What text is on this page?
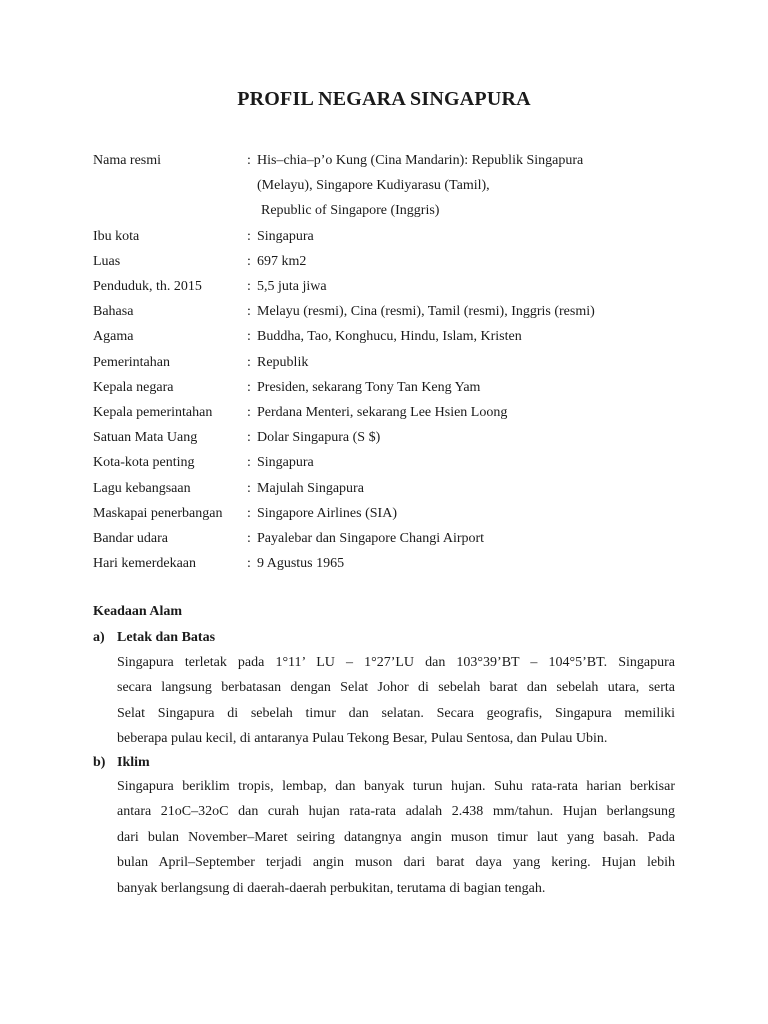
PROFIL NEGARA SINGAPURA
Nama resmi	: His–chia–p’o Kung (Cina Mandarin): Republik Singapura
(Melayu), Singapore Kudiyarasu (Tamil),
Republic of Singapore (Inggris)
Ibu kota	: Singapura
Luas	: 697 km2
Penduduk, th. 2015	: 5,5 juta jiwa
Bahasa	: Melayu (resmi), Cina (resmi), Tamil (resmi), Inggris (resmi)
Agama	: Buddha, Tao, Konghucu, Hindu, Islam, Kristen
Pemerintahan	: Republik
Kepala negara	: Presiden, sekarang Tony Tan Keng Yam
Kepala pemerintahan	: Perdana Menteri, sekarang Lee Hsien Loong
Satuan Mata Uang	: Dolar Singapura (S $)
Kota-kota penting	: Singapura
Lagu kebangsaan	: Majulah Singapura
Maskapai penerbangan	: Singapore Airlines (SIA)
Bandar udara	: Payalebar dan Singapore Changi Airport
Hari kemerdekaan	: 9 Agustus 1965
Keadaan Alam
a) Letak dan Batas

Singapura terletak pada 1°11’ LU – 1°27’LU dan 103°39’BT – 104°5’BT. Singapura
secara langsung berbatasan dengan Selat Johor di sebelah barat dan sebelah utara, serta
Selat Singapura di sebelah timur dan selatan. Secara geografis, Singapura memiliki
beberapa pulau kecil, di antaranya Pulau Tekong Besar, Pulau Sentosa, dan Pulau Ubin.

b) Iklim

Singapura beriklim tropis, lembap, dan banyak turun hujan. Suhu rata-rata harian berkisar
antara 21oC–32oC dan curah hujan rata-rata adalah 2.438 mm/tahun. Hujan berlangsung
dari bulan November–Maret seiring datangnya angin muson timur laut yang basah. Pada
bulan April–September terjadi angin muson dari barat daya yang kering. Hujan lebih
banyak berlangsung di daerah-daerah perbukitan, terutama di bagian tengah.
